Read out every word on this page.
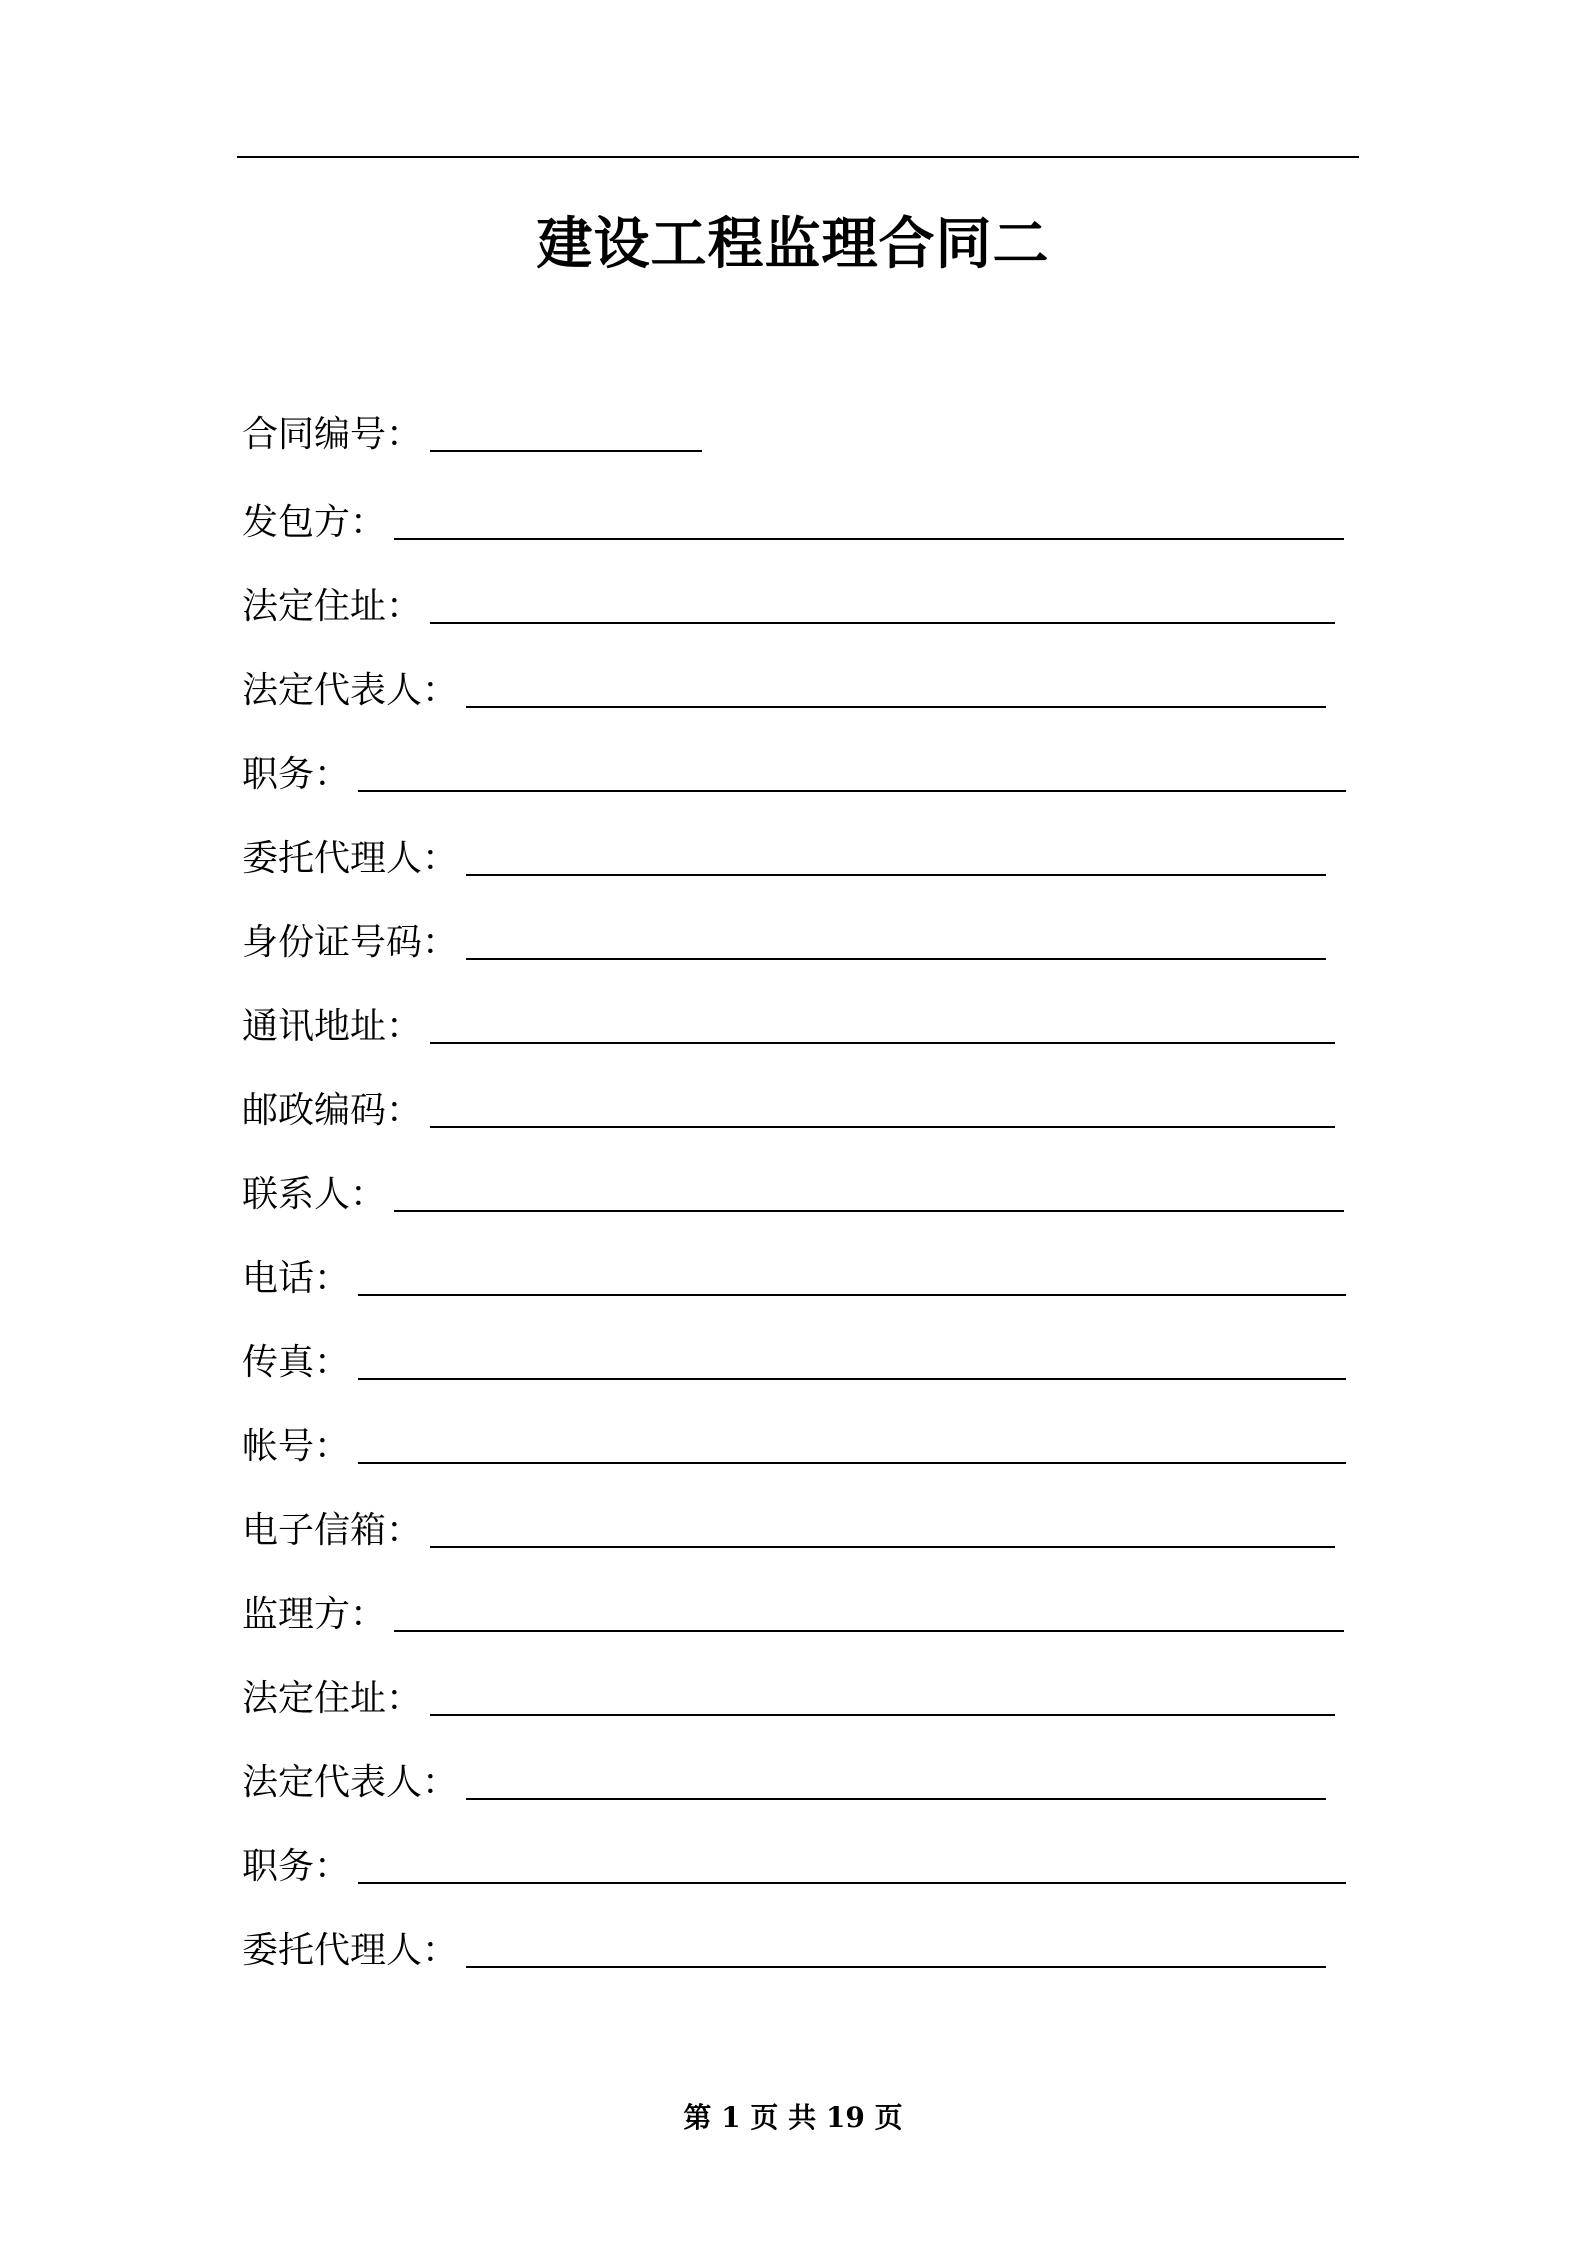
建设工程监理合同二
合同编号：
发包方：
法定住址：
法定代表人：
职务：
委托代理人：
身份证号码：
通讯地址：
邮政编码：
联系人：
电话：
传真：
帐号：
电子信箱：
监理方：
法定住址：
法定代表人：
职务：
委托代理人：
第 1 页 共 19 页
